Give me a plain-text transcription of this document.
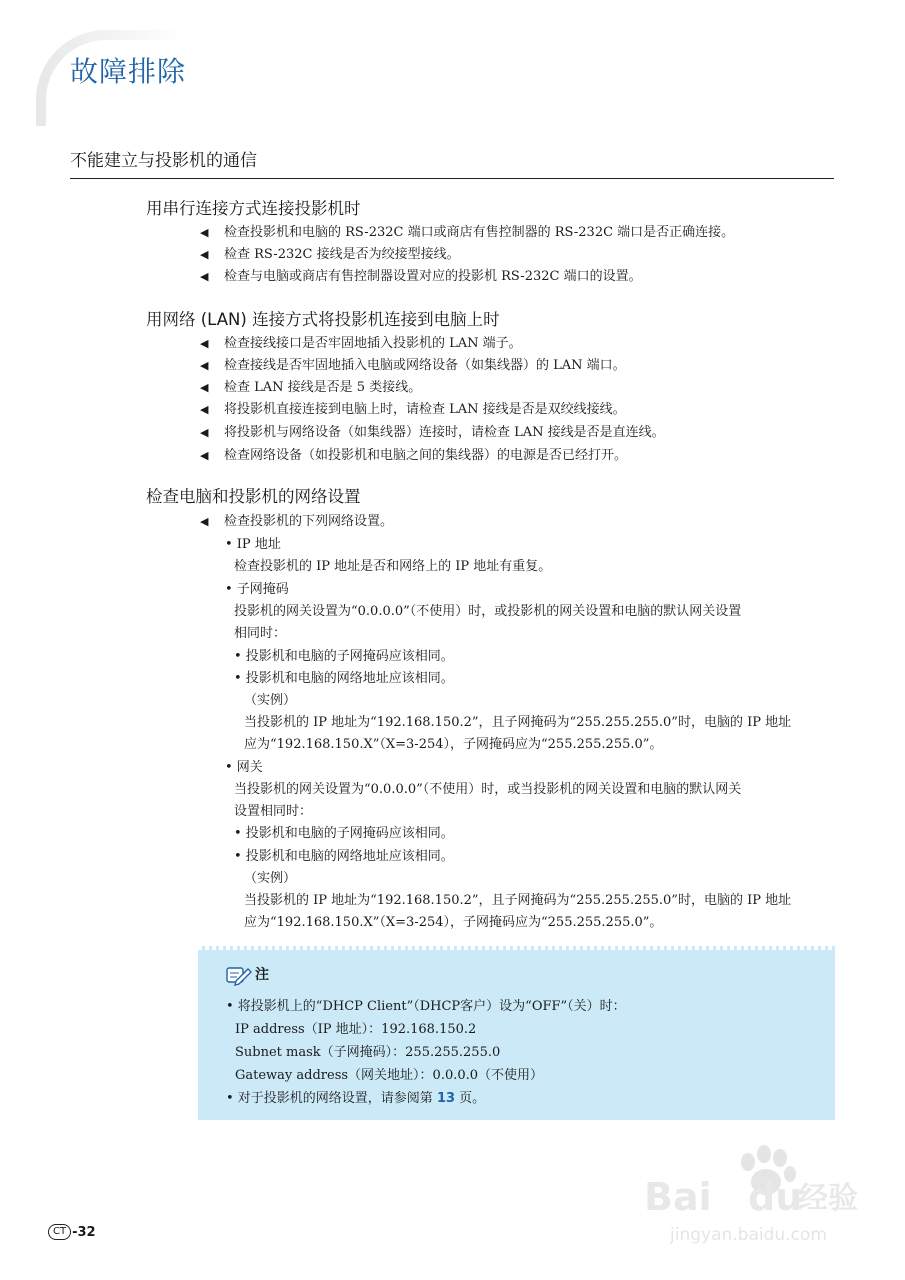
故障排除
不能建立与投影机的通信
用串行连接方式连接投影机时
◀ 检查投影机和电脑的 RS-232C 端口或商店有售控制器的 RS-232C 端口是否正确连接。
◀ 检查 RS-232C 接线是否为绞接型接线。
◀ 检查与电脑或商店有售控制器设置对应的投影机 RS-232C 端口的设置。
用网络 (LAN) 连接方式将投影机连接到电脑上时
◀ 检查接线接口是否牢固地插入投影机的 LAN 端子。
◀ 检查接线是否牢固地插入电脑或网络设备（如集线器）的 LAN 端口。
◀ 检查 LAN 接线是否是 5 类接线。
◀ 将投影机直接连接到电脑上时，请检查 LAN 接线是否是双绞线接线。
◀ 将投影机与网络设备（如集线器）连接时，请检查 LAN 接线是否是直连线。
◀ 检查网络设备（如投影机和电脑之间的集线器）的电源是否已经打开。
检查电脑和投影机的网络设置
◀ 检查投影机的下列网络设置。
• IP 地址
检查投影机的 IP 地址是否和网络上的 IP 地址有重复。
• 子网掩码
投影机的网关设置为“0.0.0.0”（不使用）时，或投影机的网关设置和电脑的默认网关设置
相同时：
• 投影机和电脑的子网掩码应该相同。
• 投影机和电脑的网络地址应该相同。
（实例）
当投影机的 IP 地址为“192.168.150.2”，且子网掩码为“255.255.255.0”时，电脑的 IP 地址
应为“192.168.150.X”（X=3-254），子网掩码应为“255.255.255.0”。
• 网关
当投影机的网关设置为“0.0.0.0”（不使用）时，或当投影机的网关设置和电脑的默认网关
设置相同时：
• 投影机和电脑的子网掩码应该相同。
• 投影机和电脑的网络地址应该相同。
（实例）
当投影机的 IP 地址为“192.168.150.2”，且子网掩码为“255.255.255.0”时，电脑的 IP 地址
应为“192.168.150.X”（X=3-254），子网掩码应为“255.255.255.0”。
注
• 将投影机上的“DHCP Client”（DHCP客户）设为“OFF”（关）时：
IP address（IP 地址）：192.168.150.2
Subnet mask（子网掩码）：255.255.255.0
Gateway address（网关地址）：0.0.0.0（不使用）
• 对于投影机的网络设置，请参阅第 13 页。
CT -32
Bai du
经验
jingyan.baidu.com
